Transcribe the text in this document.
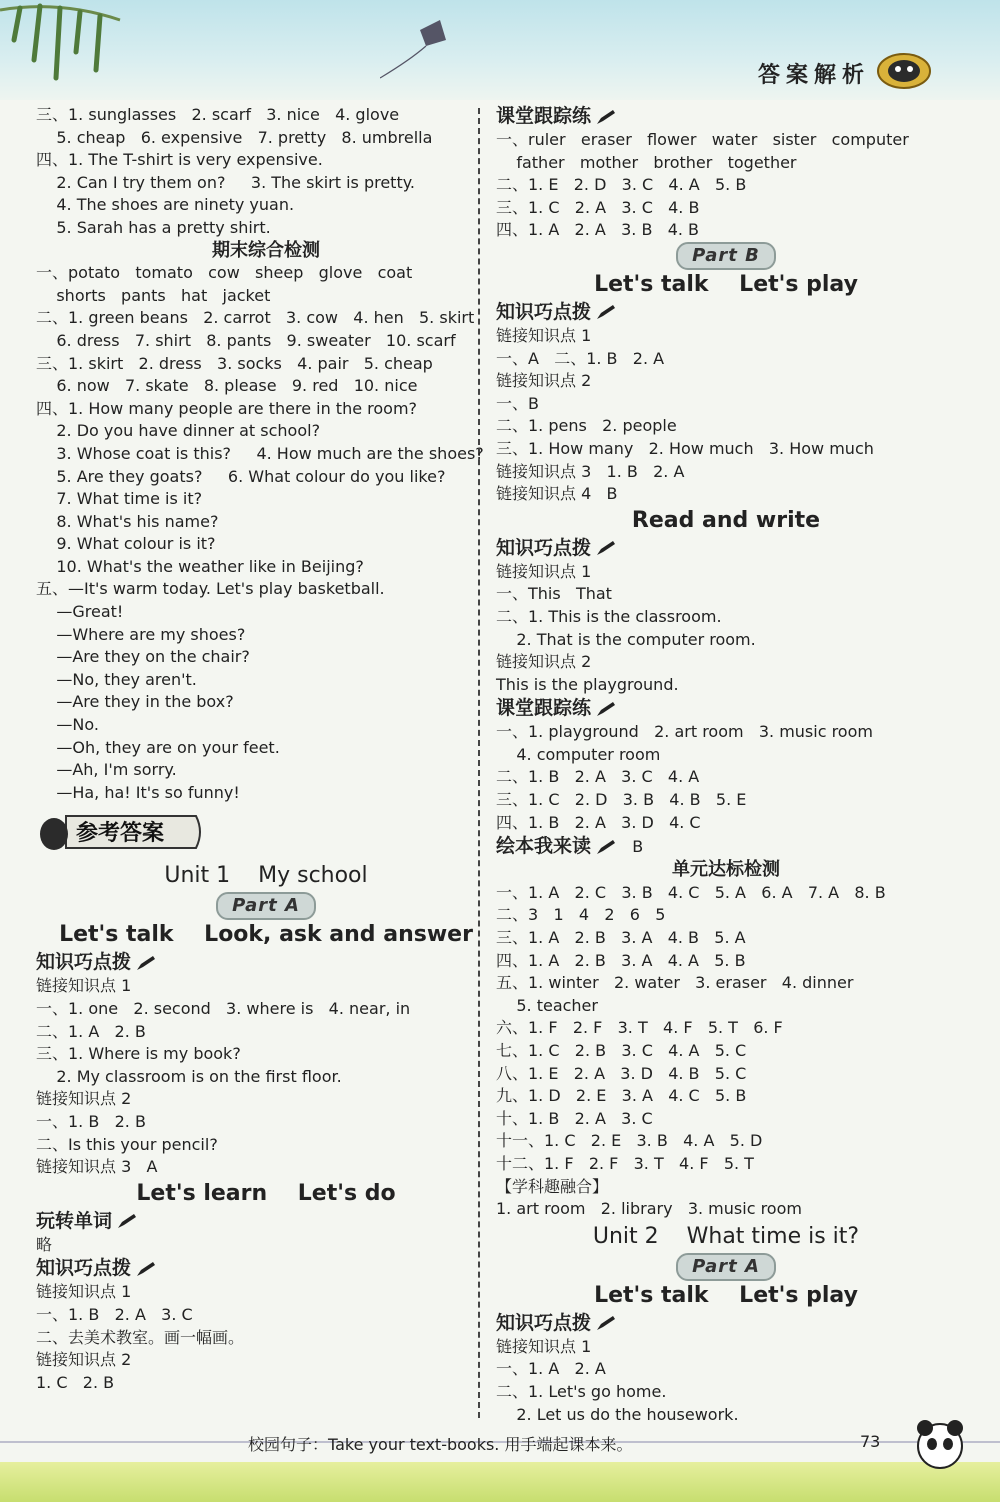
答案解析
三、1. sunglasses   2. scarf   3. nice   4. glove
5. cheap   6. expensive   7. pretty   8. umbrella
四、1. The T-shirt is very expensive.
2. Can I try them on?     3. The skirt is pretty.
4. The shoes are ninety yuan.
5. Sarah has a pretty shirt.
期末综合检测
一、potato   tomato   cow   sheep   glove   coat
shorts   pants   hat   jacket
二、1. green beans   2. carrot   3. cow   4. hen   5. skirt
6. dress   7. shirt   8. pants   9. sweater   10. scarf
三、1. skirt   2. dress   3. socks   4. pair   5. cheap
6. now   7. skate   8. please   9. red   10. nice
四、1. How many people are there in the room?
2. Do you have dinner at school?
3. Whose coat is this?     4. How much are the shoes?
5. Are they goats?     6. What colour do you like?
7. What time is it?
8. What's his name?
9. What colour is it?
10. What's the weather like in Beijing?
五、—It's warm today. Let's play basketball.
—Great!
—Where are my shoes?
—Are they on the chair?
—No, they aren't.
—Are they in the box?
—No.
—Oh, they are on your feet.
—Ah, I'm sorry.
—Ha, ha! It's so funny!
参考答案
Unit 1    My school
Part A
Let's talk    Look, ask and answer
知识巧点拨
链接知识点 1
一、1. one   2. second   3. where is   4. near, in
二、1. A   2. B
三、1. Where is my book?
2. My classroom is on the first floor.
链接知识点 2
一、1. B   2. B
二、Is this your pencil?
链接知识点 3   A
Let's learn    Let's do
玩转单词
略
知识巧点拨
链接知识点 1
一、1. B   2. A   3. C
二、去美术教室。画一幅画。
链接知识点 2
1. C   2. B
课堂跟踪练
一、ruler   eraser   flower   water   sister   computer
father   mother   brother   together
二、1. E   2. D   3. C   4. A   5. B
三、1. C   2. A   3. C   4. B
四、1. A   2. A   3. B   4. B
Part B
Let's talk    Let's play
知识巧点拨
链接知识点 1
一、A   二、1. B   2. A
链接知识点 2
一、B
二、1. pens   2. people
三、1. How many   2. How much   3. How much
链接知识点 3   1. B   2. A
链接知识点 4   B
Read and write
知识巧点拨
链接知识点 1
一、This   That
二、1. This is the classroom.
2. That is the computer room.
链接知识点 2
This is the playground.
课堂跟踪练
一、1. playground   2. art room   3. music room
4. computer room
二、1. B   2. A   3. C   4. A
三、1. C   2. D   3. B   4. B   5. E
四、1. B   2. A   3. D   4. C
绘本我来读   B
单元达标检测
一、1. A   2. C   3. B   4. C   5. A   6. A   7. A   8. B
二、3   1   4   2   6   5
三、1. A   2. B   3. A   4. B   5. A
四、1. A   2. B   3. A   4. A   5. B
五、1. winter   2. water   3. eraser   4. dinner
5. teacher
六、1. F   2. F   3. T   4. F   5. T   6. F
七、1. C   2. B   3. C   4. A   5. C
八、1. E   2. A   3. D   4. B   5. C
九、1. D   2. E   3. A   4. C   5. B
十、1. B   2. A   3. C
十一、1. C   2. E   3. B   4. A   5. D
十二、1. F   2. F   3. T   4. F   5. T
【学科趣融合】
1. art room   2. library   3. music room
Unit 2    What time is it?
Part A
Let's talk    Let's play
知识巧点拨
链接知识点 1
一、1. A   2. A
二、1. Let's go home.
2. Let us do the housework.
校园句子：Take your text-books. 用手端起课本来。	73
